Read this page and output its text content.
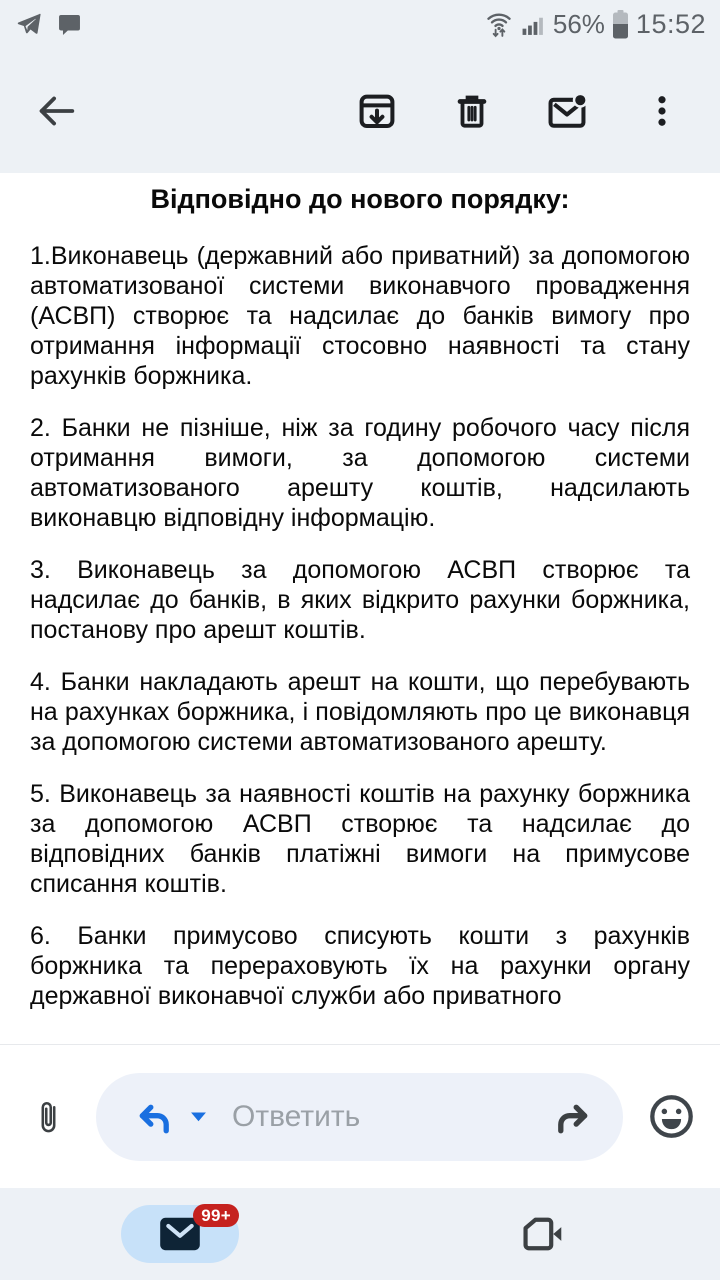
56% 15:52
Відповідно до нового порядку:

1.Виконавець (державний або приватний) за допомогою автоматизованої системи виконавчого провадження (АСВП) створює та надсилає до банків вимогу про отримання інформації стосовно наявності та стану рахунків боржника.

2. Банки не пізніше, ніж за годину робочого часу після отримання вимоги, за допомогою системи автоматизованого арешту коштів, надсилають виконавцю відповідну інформацію.

3. Виконавець за допомогою АСВП створює та надсилає до банків, в яких відкрито рахунки боржника, постанову про арешт коштів.

4. Банки накладають арешт на кошти, що перебувають на рахунках боржника, і повідомляють про це виконавця за допомогою системи автоматизованого арешту.

5. Виконавець за наявності коштів на рахунку боржника за допомогою АСВП створює та надсилає до відповідних банків платіжні вимоги на примусове списання коштів.

6. Банки примусово списують кошти з рахунків боржника та перераховують їх на рахунки органу державної виконавчої служби або приватного

Ответить
99+
